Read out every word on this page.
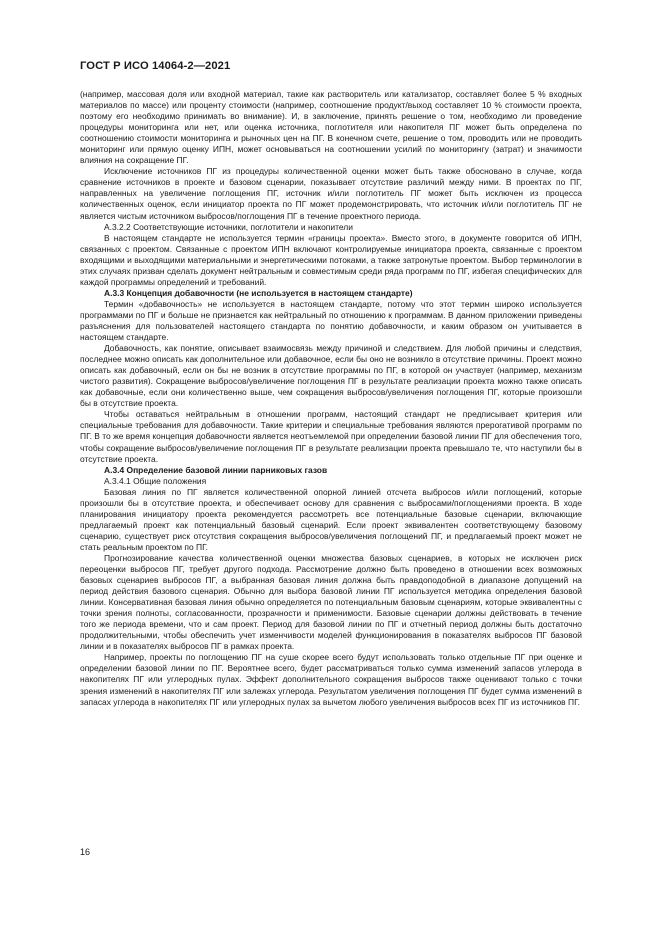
ГОСТ Р ИСО 14064-2—2021

(например, массовая доля или входной материал, такие как растворитель или катализатор, составляет более 5 % входных материалов по массе) или проценту стоимости (например, соотношение продукт/выход составляет 10 % стоимости проекта, поэтому его необходимо принимать во внимание). И, в заключение, принять решение о том, необходимо ли проведение процедуры мониторинга или нет, или оценка источника, поглотителя или накопителя ПГ может быть определена по соотношению стоимости мониторинга и рыночных цен на ПГ. В конечном счете, решение о том, проводить или не проводить мониторинг или прямую оценку ИПН, может основываться на соотношении усилий по мониторингу (затрат) и значимости влияния на сокращение ПГ.

Исключение источников ПГ из процедуры количественной оценки может быть также обосновано в случае, когда сравнение источников в проекте и базовом сценарии, показывает отсутствие различий между ними. В проектах по ПГ, направленных на увеличение поглощения ПГ, источник и/или поглотитель ПГ может быть исключен из процесса количественных оценок, если инициатор проекта по ПГ может продемонстрировать, что источник и/или поглотитель ПГ не является чистым источником выбросов/поглощения ПГ в течение проектного периода.

А.3.2.2 Соответствующие источники, поглотители и накопители

В настоящем стандарте не используется термин «границы проекта». Вместо этого, в документе говорится об ИПН, связанных с проектом. Связанные с проектом ИПН включают контролируемые инициатора проекта, связанные с проектом входящими и выходящими материальными и энергетическими потоками, а также затронутые проектом. Выбор терминологии в этих случаях призван сделать документ нейтральным и совместимым среди ряда программ по ПГ, избегая специфических для каждой программы определений и требований.

А.3.3 Концепция добавочности (не используется в настоящем стандарте)

Термин «добавочность» не используется в настоящем стандарте, потому что этот термин широко используется программами по ПГ и больше не признается как нейтральный по отношению к программам. В данном приложении приведены разъяснения для пользователей настоящего стандарта по понятию добавочности, и каким образом он учитывается в настоящем стандарте.

Добавочность, как понятие, описывает взаимосвязь между причиной и следствием. Для любой причины и следствия, последнее можно описать как дополнительное или добавочное, если бы оно не возникло в отсутствие причины. Проект можно описать как добавочный, если он бы не возник в отсутствие программы по ПГ, в которой он участвует (например, механизм чистого развития). Сокращение выбросов/увеличение поглощения ПГ в результате реализации проекта можно также описать как добавочные, если они количественно выше, чем сокращения выбросов/увеличения поглощения ПГ, которые произошли бы в отсутствие проекта.

Чтобы оставаться нейтральным в отношении программ, настоящий стандарт не предписывает критерия или специальные требования для добавочности. Такие критерии и специальные требования являются прерогативой программ по ПГ. В то же время концепция добавочности является неотъемлемой при определении базовой линии ПГ для обеспечения того, чтобы сокращение выбросов/увеличение поглощения ПГ в результате реализации проекта превышало те, что наступили бы в отсутствие проекта.

А.3.4 Определение базовой линии парниковых газов

А.3.4.1 Общие положения

Базовая линия по ПГ является количественной опорной линией отсчета выбросов и/или поглощений, которые произошли бы в отсутствие проекта, и обеспечивает основу для сравнения с выбросами/поглощениями проекта. В ходе планирования инициатору проекта рекомендуется рассмотреть все потенциальные базовые сценарии, включающие предлагаемый проект как потенциальный базовый сценарий. Если проект эквивалентен соответствующему базовому сценарию, существует риск отсутствия сокращения выбросов/увеличения поглощений ПГ, и предлагаемый проект может не стать реальным проектом по ПГ.

Прогнозирование качества количественной оценки множества базовых сценариев, в которых не исключен риск переоценки выбросов ПГ, требует другого подхода. Рассмотрение должно быть проведено в отношении всех возможных базовых сценариев выбросов ПГ, а выбранная базовая линия должна быть правдоподобной в диапазоне допущений на период действия базового сценария. Обычно для выбора базовой линии ПГ используется методика определения базовой линии. Консервативная базовая линия обычно определяется по потенциальным базовым сценариям, которые эквивалентны с точки зрения полноты, согласованности, прозрачности и применимости. Базовые сценарии должны действовать в течение того же периода времени, что и сам проект. Период для базовой линии по ПГ и отчетный период должны быть достаточно продолжительными, чтобы обеспечить учет изменчивости моделей функционирования в показателях выбросов ПГ базовой линии и в показателях выбросов ПГ в рамках проекта.

Например, проекты по поглощению ПГ на суше скорее всего будут использовать только отдельные ПГ при оценке и определении базовой линии по ПГ. Вероятнее всего, будет рассматриваться только сумма изменений запасов углерода в накопителях ПГ или углеродных пулах. Эффект дополнительного сокращения выбросов также оценивают только с точки зрения изменений в накопителях ПГ или залежах углерода. Результатом увеличения поглощения ПГ будет сумма изменений в запасах углерода в накопителях ПГ или углеродных пулах за вычетом любого увеличения выбросов всех ПГ из источников ПГ.

16
